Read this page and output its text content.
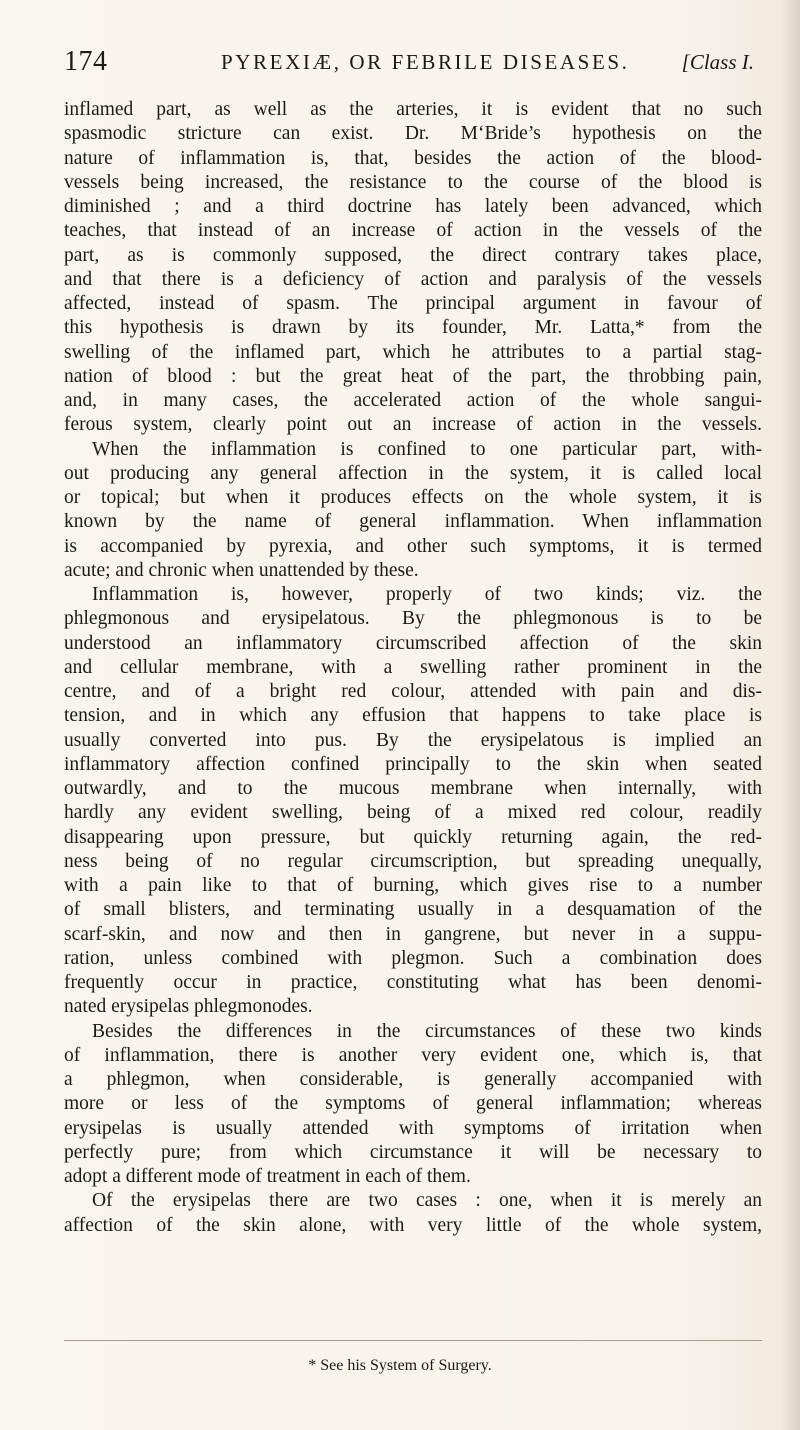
174	PYREXIÆ, OR FEBRILE DISEASES. [Class I.
inflamed part, as well as the arteries, it is evident that no such
spasmodic stricture can exist. Dr. M‘Bride’s hypothesis on the
nature of inflammation is, that, besides the action of the blood-
vessels being increased, the resistance to the course of the blood is
diminished ; and a third doctrine has lately been advanced, which
teaches, that instead of an increase of action in the vessels of the
part, as is commonly supposed, the direct contrary takes place,
and that there is a deficiency of action and paralysis of the vessels
affected, instead of spasm. The principal argument in favour of
this hypothesis is drawn by its founder, Mr. Latta,* from the
swelling of the inflamed part, which he attributes to a partial stag-
nation of blood : but the great heat of the part, the throbbing pain,
and, in many cases, the accelerated action of the whole sangui-
ferous system, clearly point out an increase of action in the vessels.
When the inflammation is confined to one particular part, with-
out producing any general affection in the system, it is called local
or topical; but when it produces effects on the whole system, it is
known by the name of general inflammation. When inflammation
is accompanied by pyrexia, and other such symptoms, it is termed
acute; and chronic when unattended by these.
Inflammation is, however, properly of two kinds; viz. the
phlegmonous and erysipelatous. By the phlegmonous is to be
understood an inflammatory circumscribed affection of the skin
and cellular membrane, with a swelling rather prominent in the
centre, and of a bright red colour, attended with pain and dis-
tension, and in which any effusion that happens to take place is
usually converted into pus. By the erysipelatous is implied an
inflammatory affection confined principally to the skin when seated
outwardly, and to the mucous membrane when internally, with
hardly any evident swelling, being of a mixed red colour, readily
disappearing upon pressure, but quickly returning again, the red-
ness being of no regular circumscription, but spreading unequally,
with a pain like to that of burning, which gives rise to a number
of small blisters, and terminating usually in a desquamation of the
scarf-skin, and now and then in gangrene, but never in a suppu-
ration, unless combined with plegmon. Such a combination does
frequently occur in practice, constituting what has been denomi-
nated erysipelas phlegmonodes.
Besides the differences in the circumstances of these two kinds
of inflammation, there is another very evident one, which is, that
a phlegmon, when considerable, is generally accompanied with
more or less of the symptoms of general inflammation; whereas
erysipelas is usually attended with symptoms of irritation when
perfectly pure; from which circumstance it will be necessary to
adopt a different mode of treatment in each of them.
Of the erysipelas there are two cases : one, when it is merely an
affection of the skin alone, with very little of the whole system,
* See his System of Surgery.
